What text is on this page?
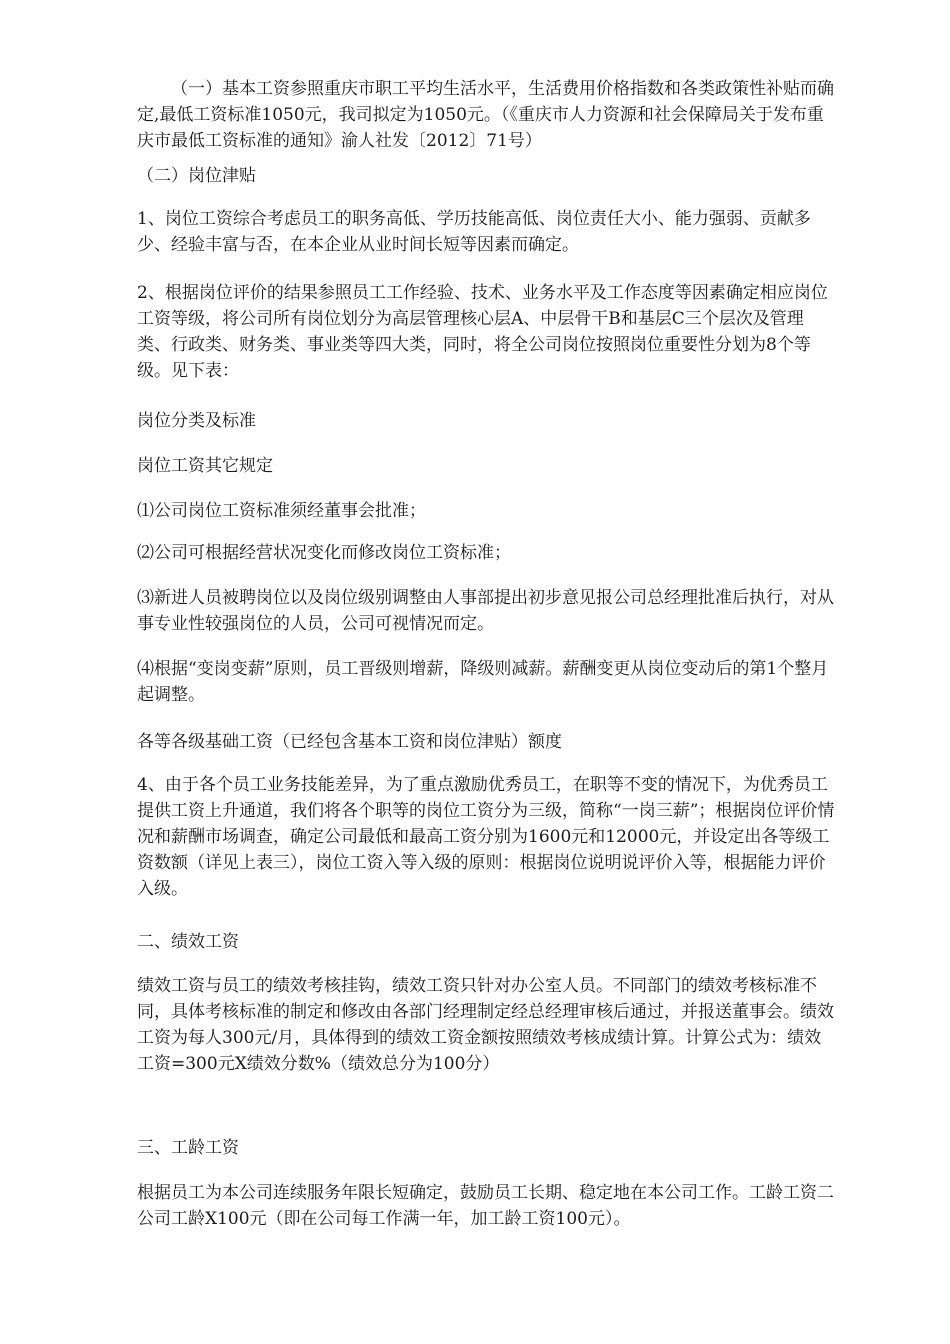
（一）基本工资参照重庆市职工平均生活水平，生活费用价格指数和各类政策性补贴而确定,最低工资标准1050元，我司拟定为1050元。（《重庆市人力资源和社会保障局关于发布重庆市最低工资标准的通知》渝人社发〔2012〕71号）

（二）岗位津贴

1、岗位工资综合考虑员工的职务高低、学历技能高低、岗位责任大小、能力强弱、贡献多少、经验丰富与否，在本企业从业时间长短等因素而确定。

2、根据岗位评价的结果参照员工工作经验、技术、业务水平及工作态度等因素确定相应岗位工资等级，将公司所有岗位划分为高层管理核心层A、中层骨干B和基层C三个层次及管理类、行政类、财务类、事业类等四大类，同时，将全公司岗位按照岗位重要性分划为8个等级。见下表：

岗位分类及标准

岗位工资其它规定

⑴公司岗位工资标准须经董事会批准；

⑵公司可根据经营状况变化而修改岗位工资标准；

⑶新进人员被聘岗位以及岗位级别调整由人事部提出初步意见报公司总经理批准后执行，对从事专业性较强岗位的人员，公司可视情况而定。

⑷根据“变岗变薪”原则，员工晋级则增薪，降级则减薪。薪酬变更从岗位变动后的第1个整月起调整。

各等各级基础工资（已经包含基本工资和岗位津贴）额度

4、由于各个员工业务技能差异，为了重点激励优秀员工，在职等不变的情况下，为优秀员工提供工资上升通道，我们将各个职等的岗位工资分为三级，简称“一岗三薪”；根据岗位评价情况和薪酬市场调查，确定公司最低和最高工资分别为1600元和12000元，并设定出各等级工资数额（详见上表三），岗位工资入等入级的原则：根据岗位说明说评价入等，根据能力评价入级。

二、绩效工资

绩效工资与员工的绩效考核挂钩，绩效工资只针对办公室人员。不同部门的绩效考核标准不同，具体考核标准的制定和修改由各部门经理制定经总经理审核后通过，并报送董事会。绩效工资为每人300元/月，具体得到的绩效工资金额按照绩效考核成绩计算。计算公式为：绩效工资=300元X绩效分数%（绩效总分为100分）

三、工龄工资

根据员工为本公司连续服务年限长短确定，鼓励员工长期、稳定地在本公司工作。工龄工资二公司工龄X100元（即在公司每工作满一年，加工龄工资100元）。
